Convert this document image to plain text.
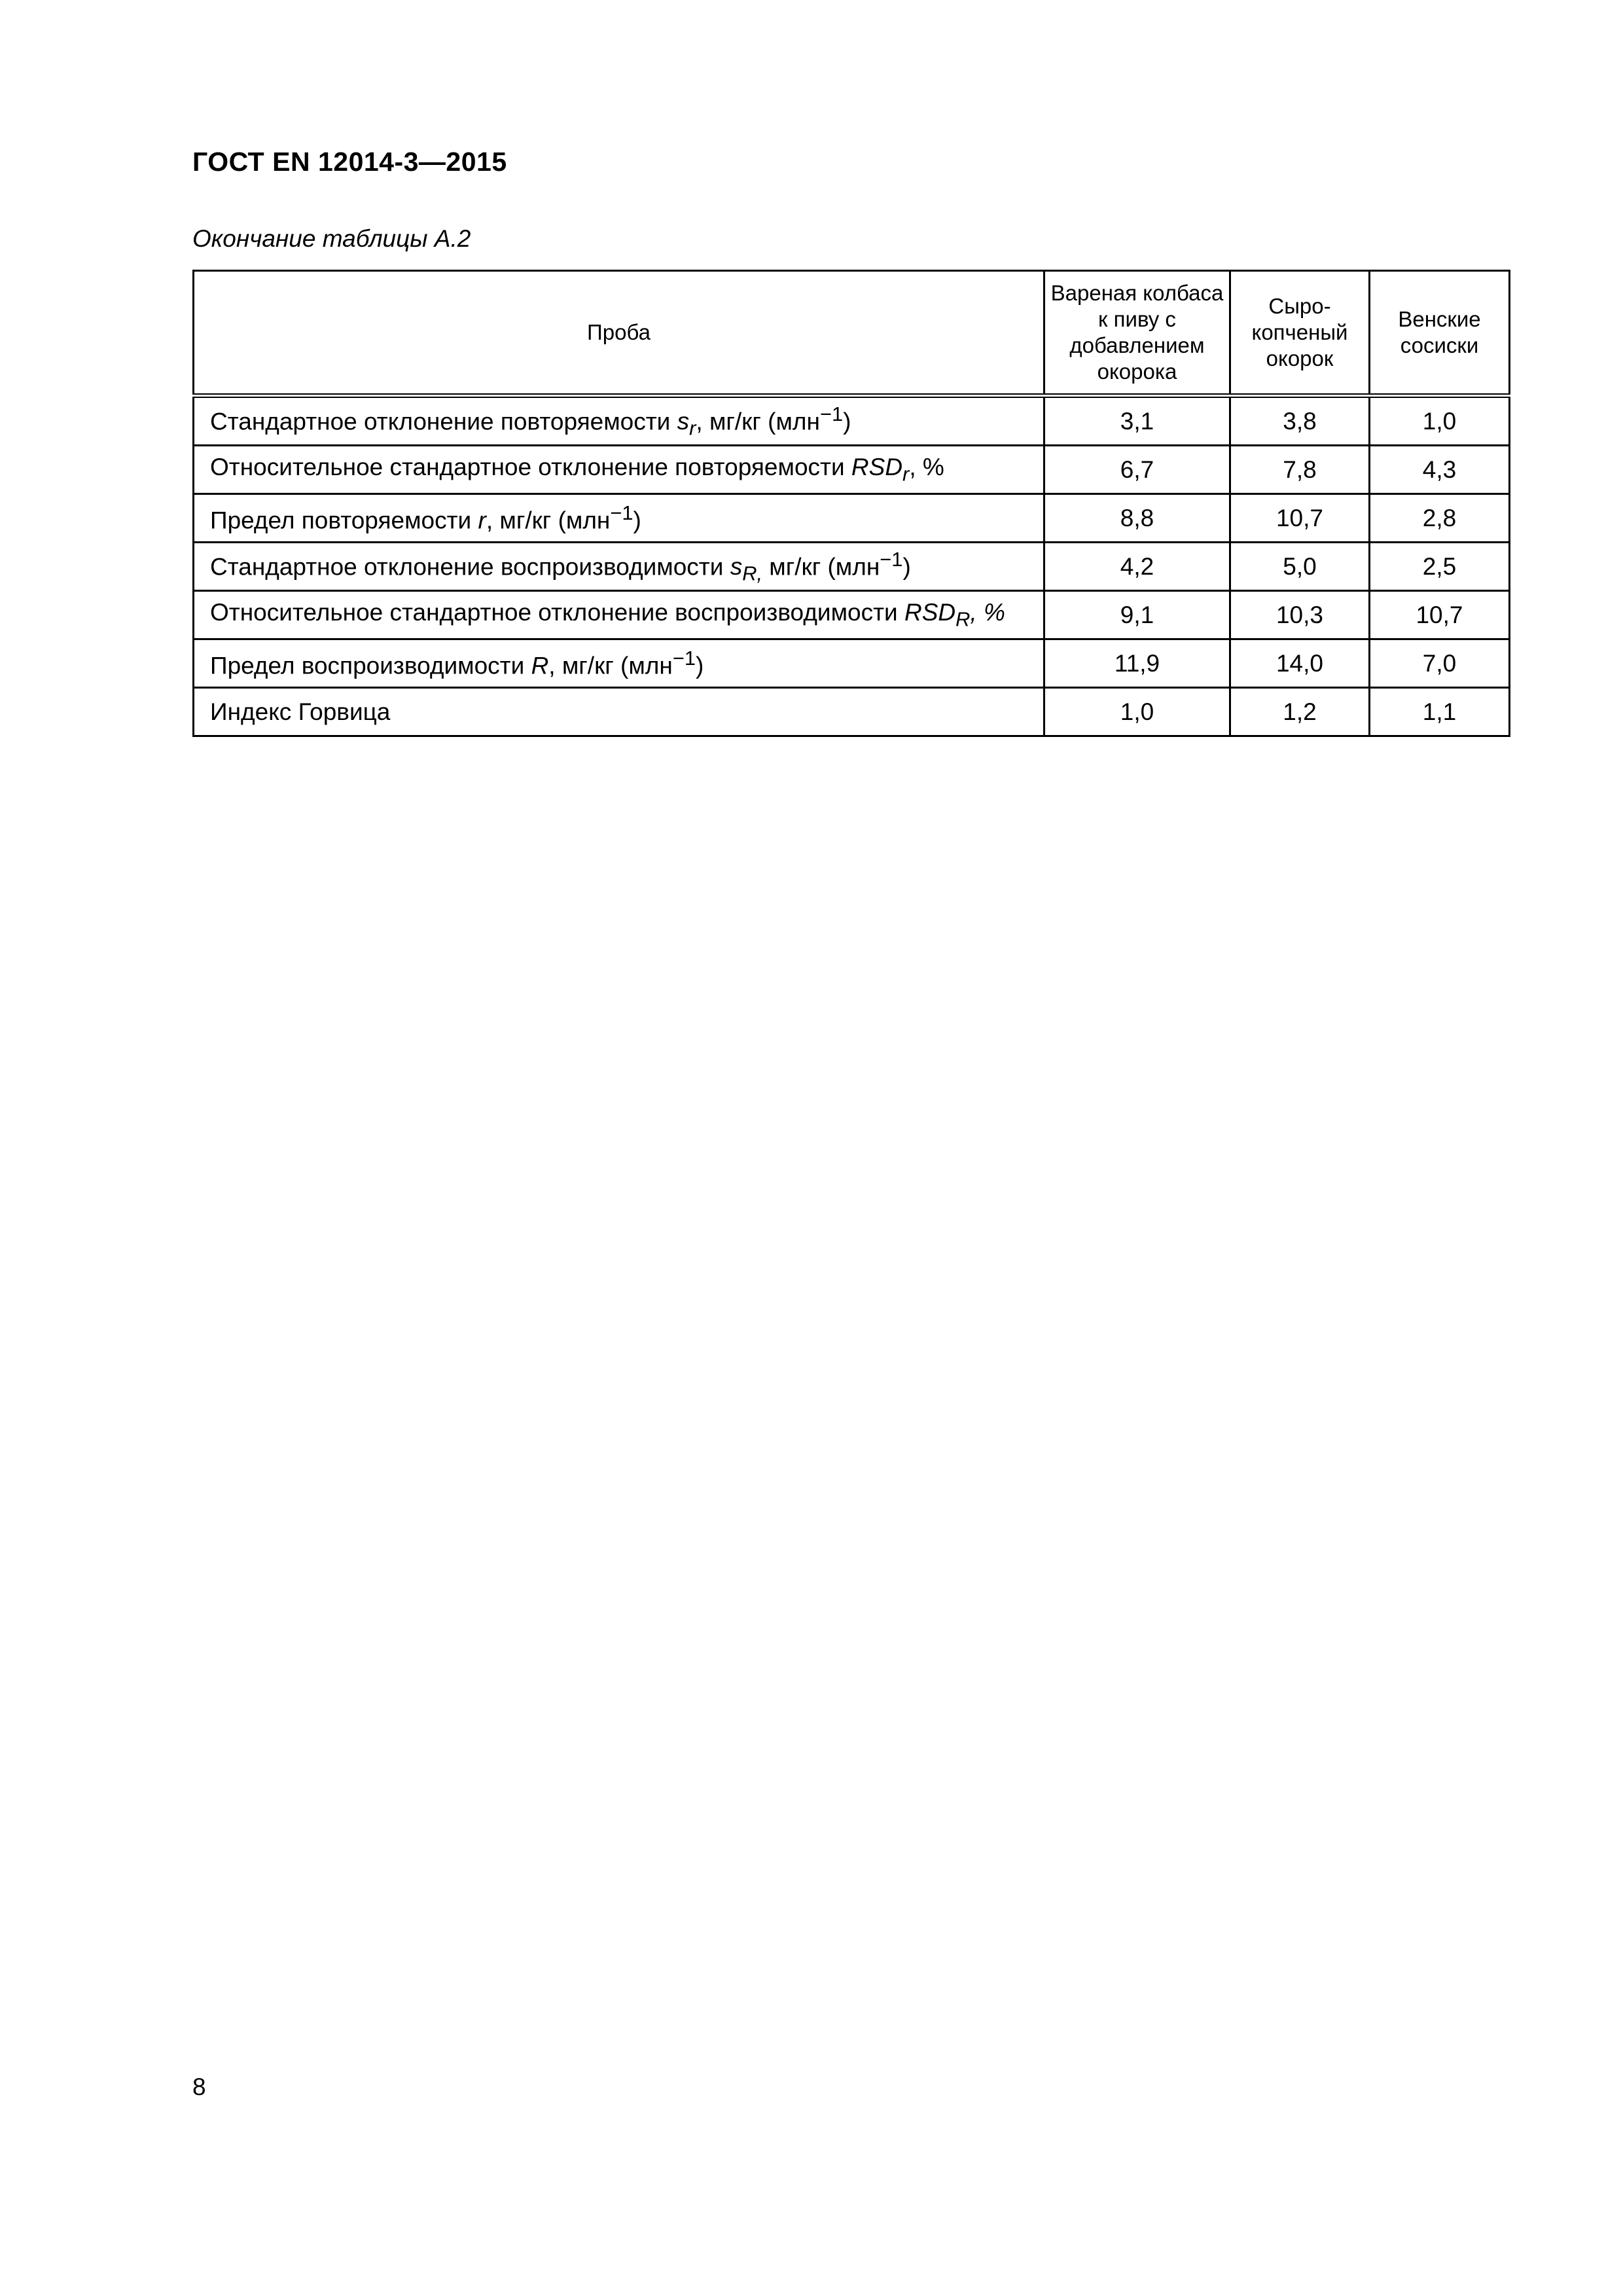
ГОСТ EN 12014-3—2015
Окончание таблицы А.2
Проба	Вареная колбаса к пиву с добавлением окорока	Сыро-копченый окорок	Венские сосиски
Стандартное отклонение повторяемости $s_r$, мг/кг (млн$^{-1}$)	3,1	3,8	1,0
Относительное стандартное отклонение повторяемости $RSD_r$, %	6,7	7,8	4,3
Предел повторяемости r, мг/кг (млн$^{-1}$)	8,8	10,7	2,8
Стандартное отклонение воспроизводимости $s_{R,}$ мг/кг (млн$^{-1}$)	4,2	5,0	2,5
Относительное стандартное отклонение воспроизводимости $RSD_R$, %	9,1	10,3	10,7
Предел воспроизводимости R, мг/кг (млн$^{-1}$)	11,9	14,0	7,0
Индекс Горвица	1,0	1,2	1,1
8
